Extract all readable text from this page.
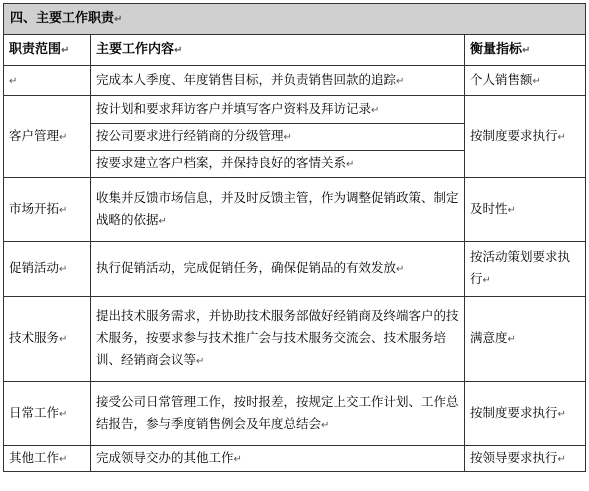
四、主要工作职责↵		
职责范围↵	主要工作内容↵	衡量指标↵
↵	完成本人季度、年度销售目标，并负责销售回款的追踪↵	个人销售额↵
客户管理↵	按计划和要求拜访客户并填写客户资料及拜访记录↵	按制度要求执行↵
	按公司要求进行经销商的分级管理↵	
	按要求建立客户档案，并保持良好的客情关系↵	
市场开拓↵	收集并反馈市场信息，并及时反馈主管，作为调整促销政策、制定战略的依据↵	及时性↵
促销活动↵	执行促销活动，完成促销任务，确保促销品的有效发放↵	按活动策划要求执行↵
技术服务↵	提出技术服务需求，并协助技术服务部做好经销商及终端客户的技术服务，按要求参与技术推广会与技术服务交流会、技术服务培训、经销商会议等↵	满意度↵
日常工作↵	接受公司日常管理工作，按时报差，按规定上交工作计划、工作总结报告，参与季度销售例会及年度总结会↵	按制度要求执行↵
其他工作↵	完成领导交办的其他工作↵	按领导要求执行↵
